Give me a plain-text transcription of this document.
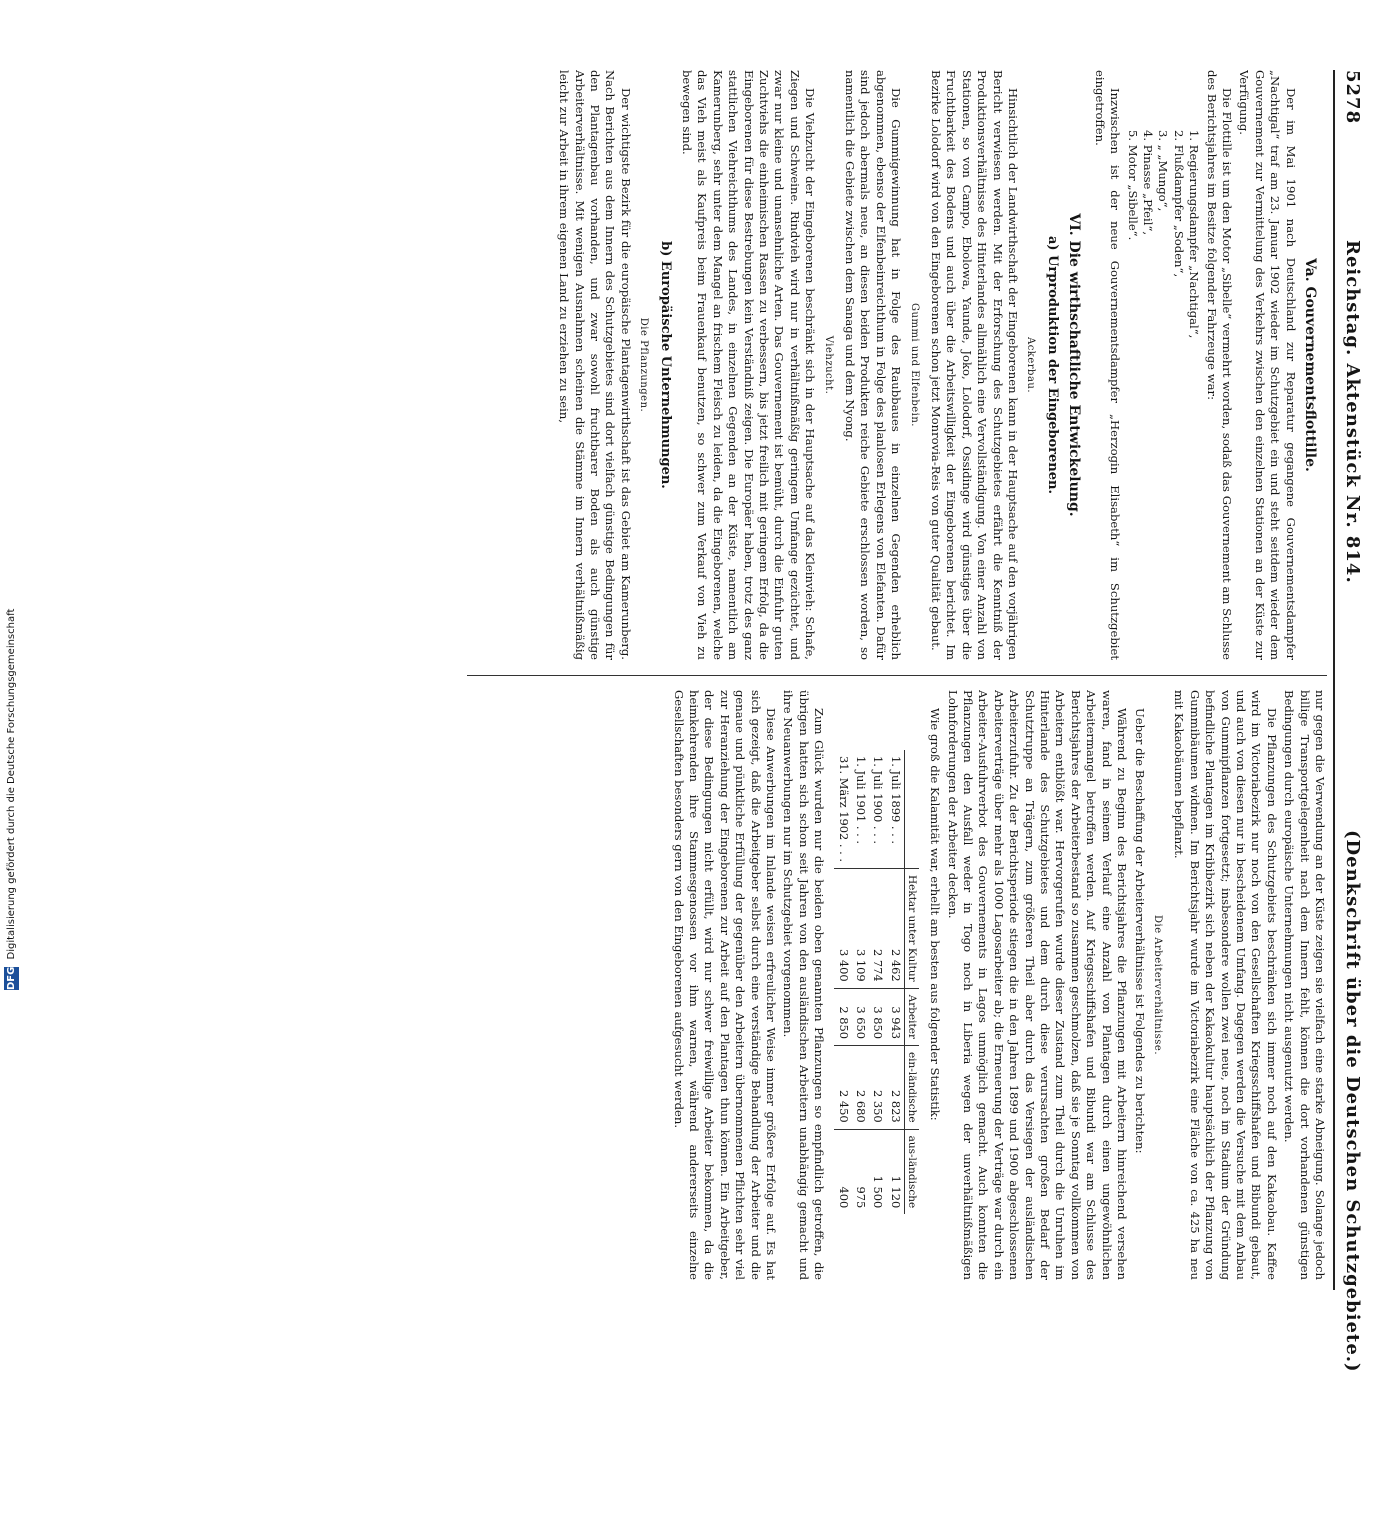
DFG Digitalisierung gefördert durch die Deutsche Forschungsgemeinschaft
5278
Reichstag. Aktenstück Nr. 814.
(Denkschrift über die Deutschen Schutzgebiete.)
Va. Gouvernementsflottille.

Der im Mai 1901 nach Deutschland zur Reparatur gegangene Gouvernementsdampfer „Nachtigal“ traf am 23. Januar 1902 wieder im Schutzgebiet ein und steht seitdem wieder dem Gouvernement zur Vermittelung des Verkehrs zwischen den einzelnen Stationen an der Küste zur Verfügung.

Die Flottille ist um den Motor „Sibelle“ vermehrt worden, sodaß das Gouvernement am Schlusse des Berichtsjahres im Besitze folgender Fahrzeuge war:

1. Regierungsdampfer „Nachtigal“,
2. Flußdampfer „Soden“,
3. „ „Mungo“,
4. Pinasse „Pfeil“,
5. Motor „Sibelle“.

Inzwischen ist der neue Gouvernementsdampfer „Herzogin Elisabeth“ im Schutzgebiet eingetroffen.

VI. Die wirthschaftliche Entwickelung.
a) Urproduktion der Eingeborenen.
Ackerbau.

Hinsichtlich der Landwirthschaft der Eingeborenen kann in der Hauptsache auf den vorjährigen Bericht verwiesen werden. Mit der Erforschung des Schutzgebietes erfährt die Kenntniß der Produktionsverhältnisse des Hinterlandes allmählich eine Vervollständigung. Von einer Anzahl von Stationen, so von Campo, Ebolowa, Yaunde, Joko, Lolodorf, Ossidinge wird günstiges über die Fruchtbarkeit des Bodens und auch über die Arbeitswilligkeit der Eingeborenen berichtet. Im Bezirke Lolodorf wird von den Eingeborenen schon jetzt Monrovia-Reis von guter Qualität gebaut.

Gummi und Elfenbein.

Die Gummigewinnung hat in Folge des Raubbaues in einzelnen Gegenden erheblich abgenommen, ebenso der Elfenbeinreichthum in Folge des planlosen Erlegens von Elefanten. Dafür sind jedoch abermals neue, an diesen beiden Produkten reiche Gebiete erschlossen worden, so namentlich die Gebiete zwischen dem Sanaga und dem Nyong.

Viehzucht.

Die Viehzucht der Eingeborenen beschränkt sich in der Hauptsache auf das Kleinvieh: Schafe, Ziegen und Schweine. Rindvieh wird nur in verhältnißmäßig geringem Umfange gezüchtet, und zwar nur kleine und unansehnliche Arten. Das Gouvernement ist bemüht, durch die Einfuhr guten Zuchtviehs die einheimischen Rassen zu verbessern, bis jetzt freilich mit geringem Erfolg, da die Eingeborenen für diese Bestrebungen kein Verständniß zeigen. Die Europäer haben, trotz des ganz stattlichen Viehreichthums des Landes, in einzelnen Gegenden an der Küste, namentlich am Kamerunberg, sehr unter dem Mangel an frischem Fleisch zu leiden, da die Eingeborenen, welche das Vieh meist als Kaufpreis beim Frauenkauf benutzen, so schwer zum Verkauf von Vieh zu bewegen sind.

b) Europäische Unternehmungen.
Die Pflanzungen.

Der wichtigste Bezirk für die europäische Plantagenwirthschaft ist das Gebiet am Kamerunberg. Nach Berichten aus dem Innern des Schutzgebietes sind dort vielfach günstige Bedingungen für den Plantagenbau vorhanden, und zwar sowohl fruchtbarer Boden als auch günstige Arbeiterverhältnisse. Mit wenigen Ausnahmen scheinen die Stämme im Innern verhältnißmäßig leicht zur Arbeit in ihrem eigenen Land zu erziehen zu sein,

nur gegen die Verwendung an der Küste zeigen sie vielfach eine starke Abneigung. Solange jedoch billige Transportgelegenheit nach dem Innern fehlt, können die dort vorhandenen günstigen Bedingungen durch europäische Unternehmungen nicht ausgenutzt werden.

Die Pflanzungen des Schutzgebiets beschränken sich immer noch auf den Kakaobau. Kaffee wird im Victoriabezirk nur noch von den Gesellschaften Kriegsschiffshafen und Bibundi gebaut, und auch von diesen nur in bescheidenem Umfang. Dagegen werden die Versuche mit dem Anbau von Gummipflanzen fortgesetzt; insbesondere wollen zwei neue, noch im Stadium der Gründung befindliche Plantagen im Kribibezirk sich neben der Kakaokultur hauptsächlich der Pflanzung von Gummibäumen widmen. Im Berichtsjahr wurde im Victoriabezirk eine Fläche von ca. 425 ha neu mit Kakaobäumen bepflanzt.

Die Arbeiterverhältnisse.

Ueber die Beschaffung der Arbeiterverhältnisse ist Folgendes zu berichten:

Während zu Beginn des Berichtsjahres die Pflanzungen mit Arbeitern hinreichend versehen waren, fand in seinem Verlauf eine Anzahl von Plantagen durch einen ungewöhnlichen Arbeitermangel betroffen werden. Auf Kriegsschiffshafen und Bibundi war am Schlusse des Berichtsjahres der Arbeiterbestand so zusammen geschmolzen, daß sie je Sonntag vollkommen von Arbeitern entblößt war. Hervorgerufen wurde dieser Zustand zum Theil durch die Unruhen im Hinterlande des Schutzgebietes und dem durch diese verursachten großen Bedarf der Schutztruppe an Trägern, zum größeren Theil aber durch das Versiegen der ausländischen Arbeiterzufuhr. Zu der Berichtsperiode stiegen die in den Jahren 1899 und 1900 abgeschlossenen Arbeiterverträge über mehr als 1000 Lagosarbeiter ab; die Erneuerung der Verträge war durch ein Arbeiter-Ausfuhrverbot des Gouvernements in Lagos unmöglich gemacht. Auch konnten die Pflanzungen den Ausfall weder in Togo noch in Liberia wegen der unverhältnißmäßigen Lohnforderungen der Arbeiter decken.

Wie groß die Kalamität war, erhellt am besten aus folgender Statistik:

	Hektar unter Kultur	Arbeiter	ein-ländische	aus-ländische
1. Juli 1899 . . .	2 462	3 943	2 823	1 120
1. Juli 1900 . . .	2 774	3 850	2 350	1 500
1. Juli 1901 . . .	3 109	3 650	2 680	975
31. März 1902 . . .	3 400	2 850	2 450	400

Zum Glück wurden nur die beiden oben genannten Pflanzungen so empfindlich getroffen, die übrigen hatten sich schon seit Jahren von den ausländischen Arbeitern unabhängig gemacht und ihre Neuanwerbungen nur im Schutzgebiet vorgenommen.

Diese Anwerbungen im Inlande weisen erfreulicher Weise immer größere Erfolge auf. Es hat sich gezeigt, daß die Arbeitgeber selbst durch eine verständige Behandlung der Arbeiter und die genaue und pünktliche Erfüllung der gegenüber den Arbeitern übernommenen Pflichten sehr viel zur Heranziehung der Eingeborenen zur Arbeit auf den Plantagen thun können. Ein Arbeitgeber, der diese Bedingungen nicht erfüllt, wird nur schwer freiwillige Arbeiter bekommen, da die heimkehrenden ihre Stammesgenossen vor ihm warnen, während andererseits einzelne Gesellschaften besonders gern von den Eingeborenen aufgesucht werden.
